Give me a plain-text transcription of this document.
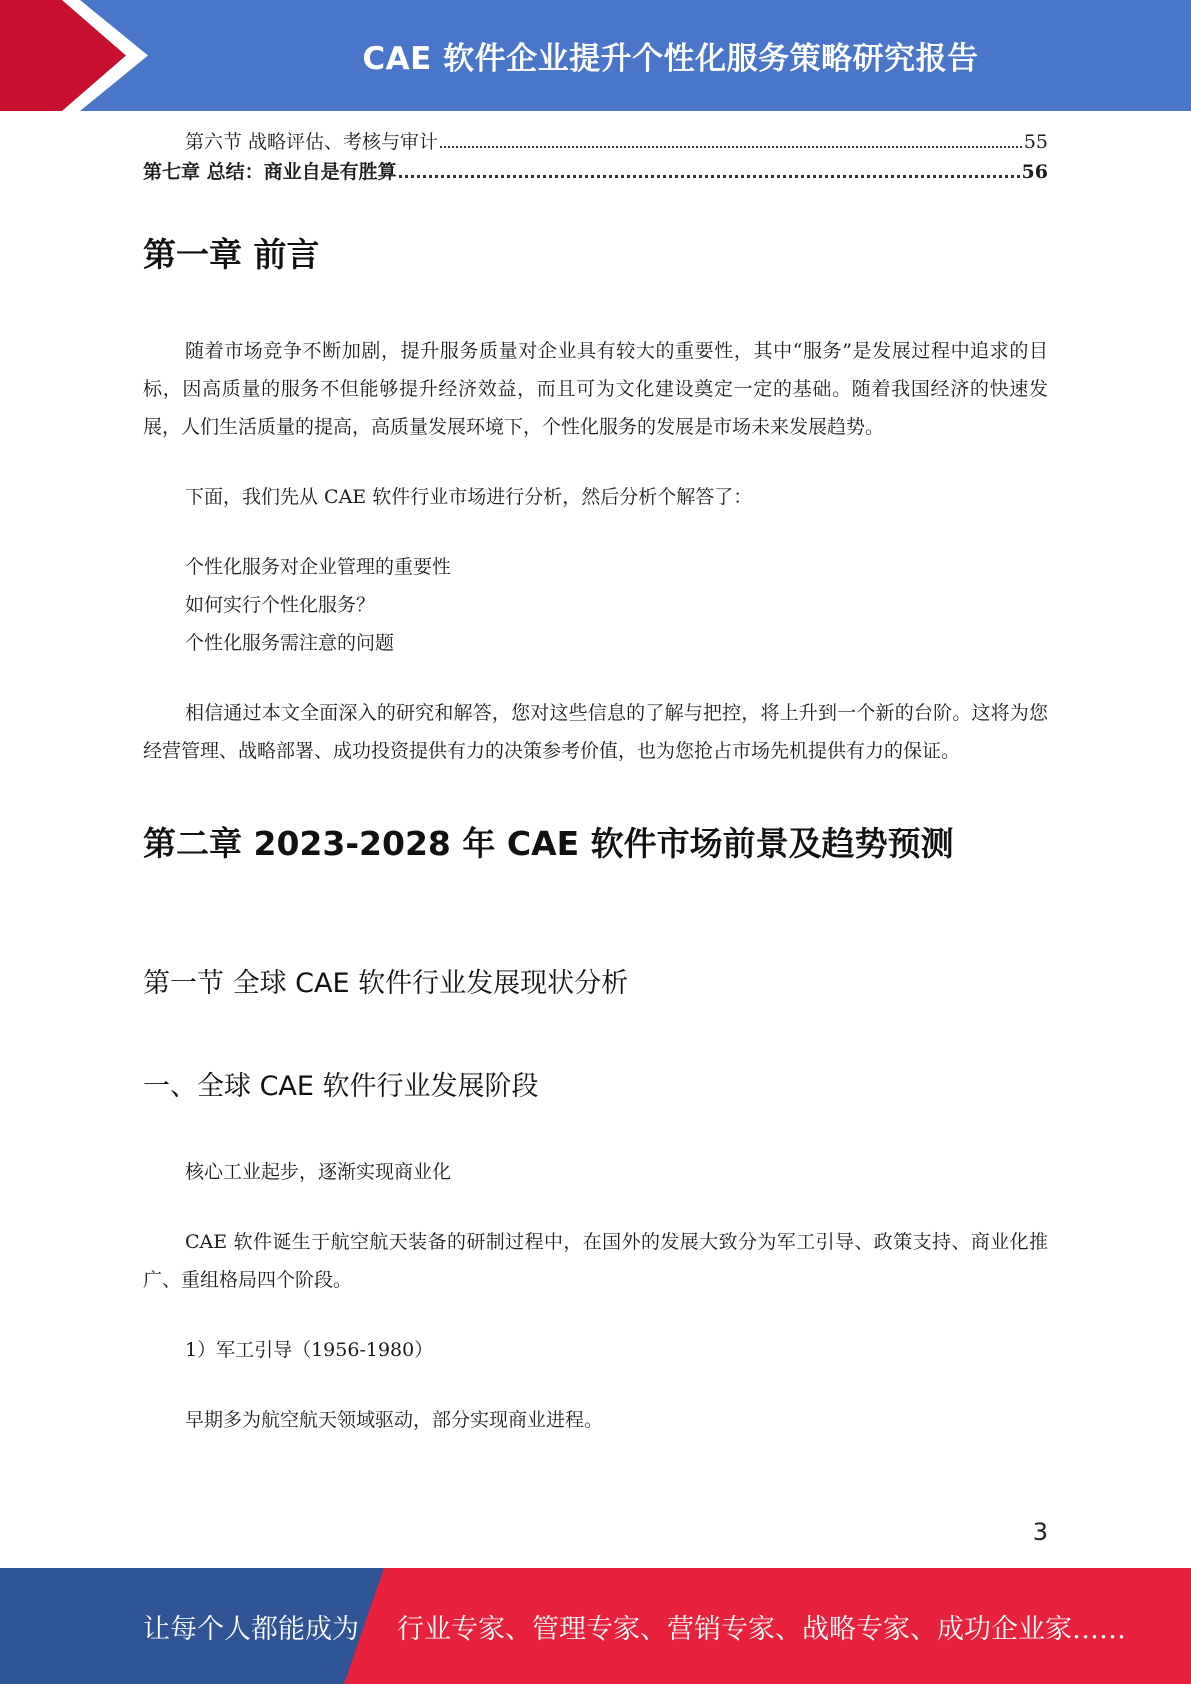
CAE 软件企业提升个性化服务策略研究报告
第六节 战略评估、考核与审计	55
第七章 总结：商业自是有胜算	56
第一章 前言

随着市场竞争不断加剧，提升服务质量对企业具有较大的重要性，其中“服务”是发展过程中追求的目标，因高质量的服务不但能够提升经济效益，而且可为文化建设奠定一定的基础。随着我国经济的快速发展，人们生活质量的提高，高质量发展环境下，个性化服务的发展是市场未来发展趋势。

下面，我们先从 CAE 软件行业市场进行分析，然后分析个解答了：

个性化服务对企业管理的重要性

如何实行个性化服务？

个性化服务需注意的问题

相信通过本文全面深入的研究和解答，您对这些信息的了解与把控，将上升到一个新的台阶。这将为您经营管理、战略部署、成功投资提供有力的决策参考价值，也为您抢占市场先机提供有力的保证。

第二章 2023-2028 年 CAE 软件市场前景及趋势预测
第一节 全球 CAE 软件行业发展现状分析
一、全球 CAE 软件行业发展阶段

核心工业起步，逐渐实现商业化

CAE 软件诞生于航空航天装备的研制过程中，在国外的发展大致分为军工引导、政策支持、商业化推广、重组格局四个阶段。

1）军工引导（1956-1980）

早期多为航空航天领域驱动，部分实现商业进程。

3
让每个人都能成为 行业专家、管理专家、营销专家、战略专家、成功企业家……
